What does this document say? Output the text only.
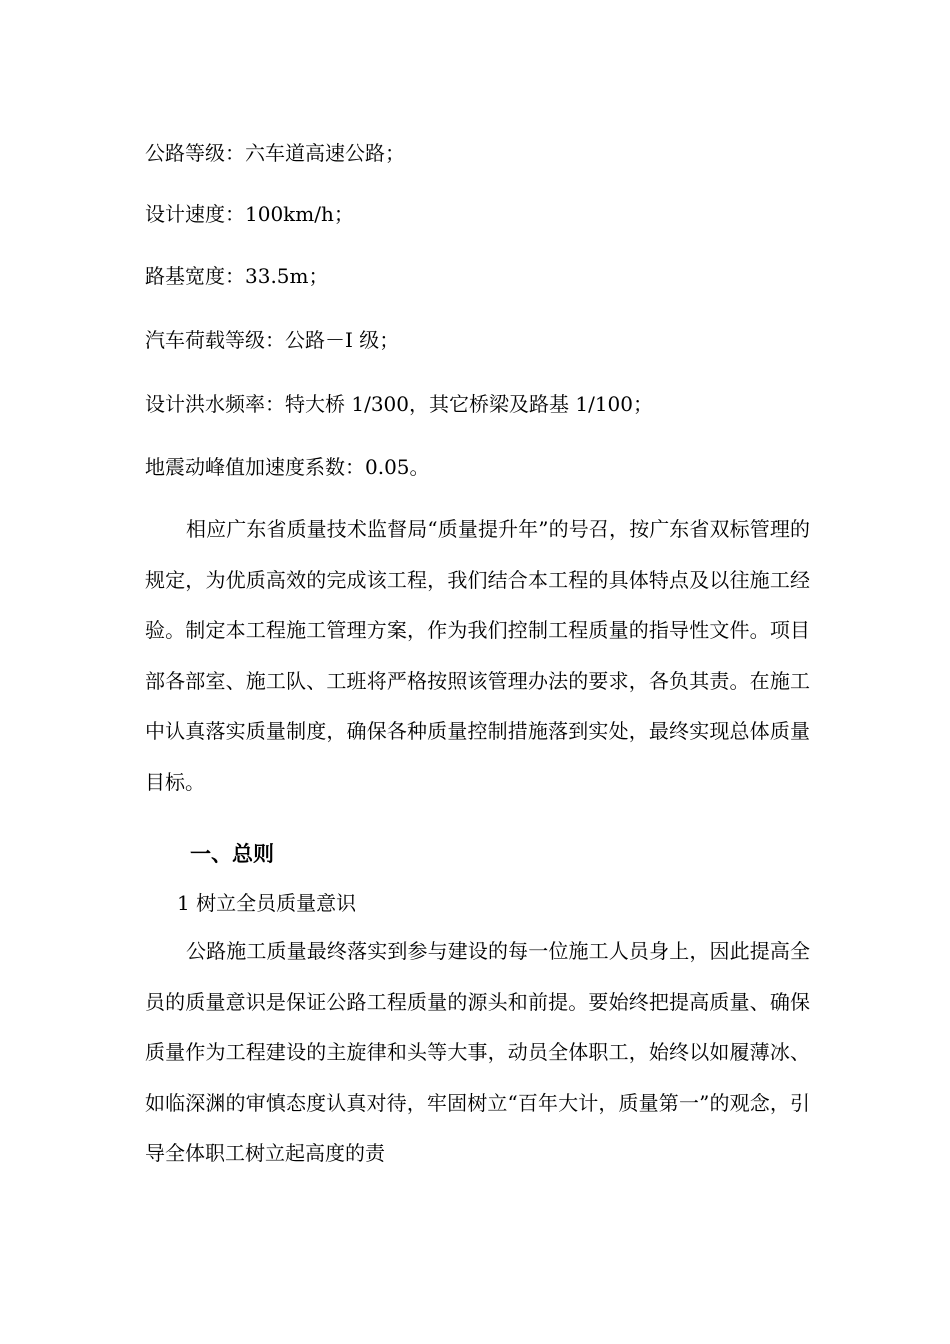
公路等级：六车道高速公路；
设计速度：100km/h；
路基宽度：33.5m；
汽车荷载等级：公路－I 级；
设计洪水频率：特大桥 1/300，其它桥梁及路基 1/100；
地震动峰值加速度系数：0.05。

相应广东省质量技术监督局“质量提升年”的号召，按广东省双标管理的规定，为优质高效的完成该工程，我们结合本工程的具体特点及以往施工经验。制定本工程施工管理方案，作为我们控制工程质量的指导性文件。项目部各部室、施工队、工班将严格按照该管理办法的要求，各负其责。在施工中认真落实质量制度，确保各种质量控制措施落到实处，最终实现总体质量目标。

一、总则
1 树立全员质量意识

公路施工质量最终落实到参与建设的每一位施工人员身上，因此提高全员的质量意识是保证公路工程质量的源头和前提。要始终把提高质量、确保质量作为工程建设的主旋律和头等大事，动员全体职工，始终以如履薄冰、如临深渊的审慎态度认真对待，牢固树立“百年大计，质量第一”的观念，引导全体职工树立起高度的责
